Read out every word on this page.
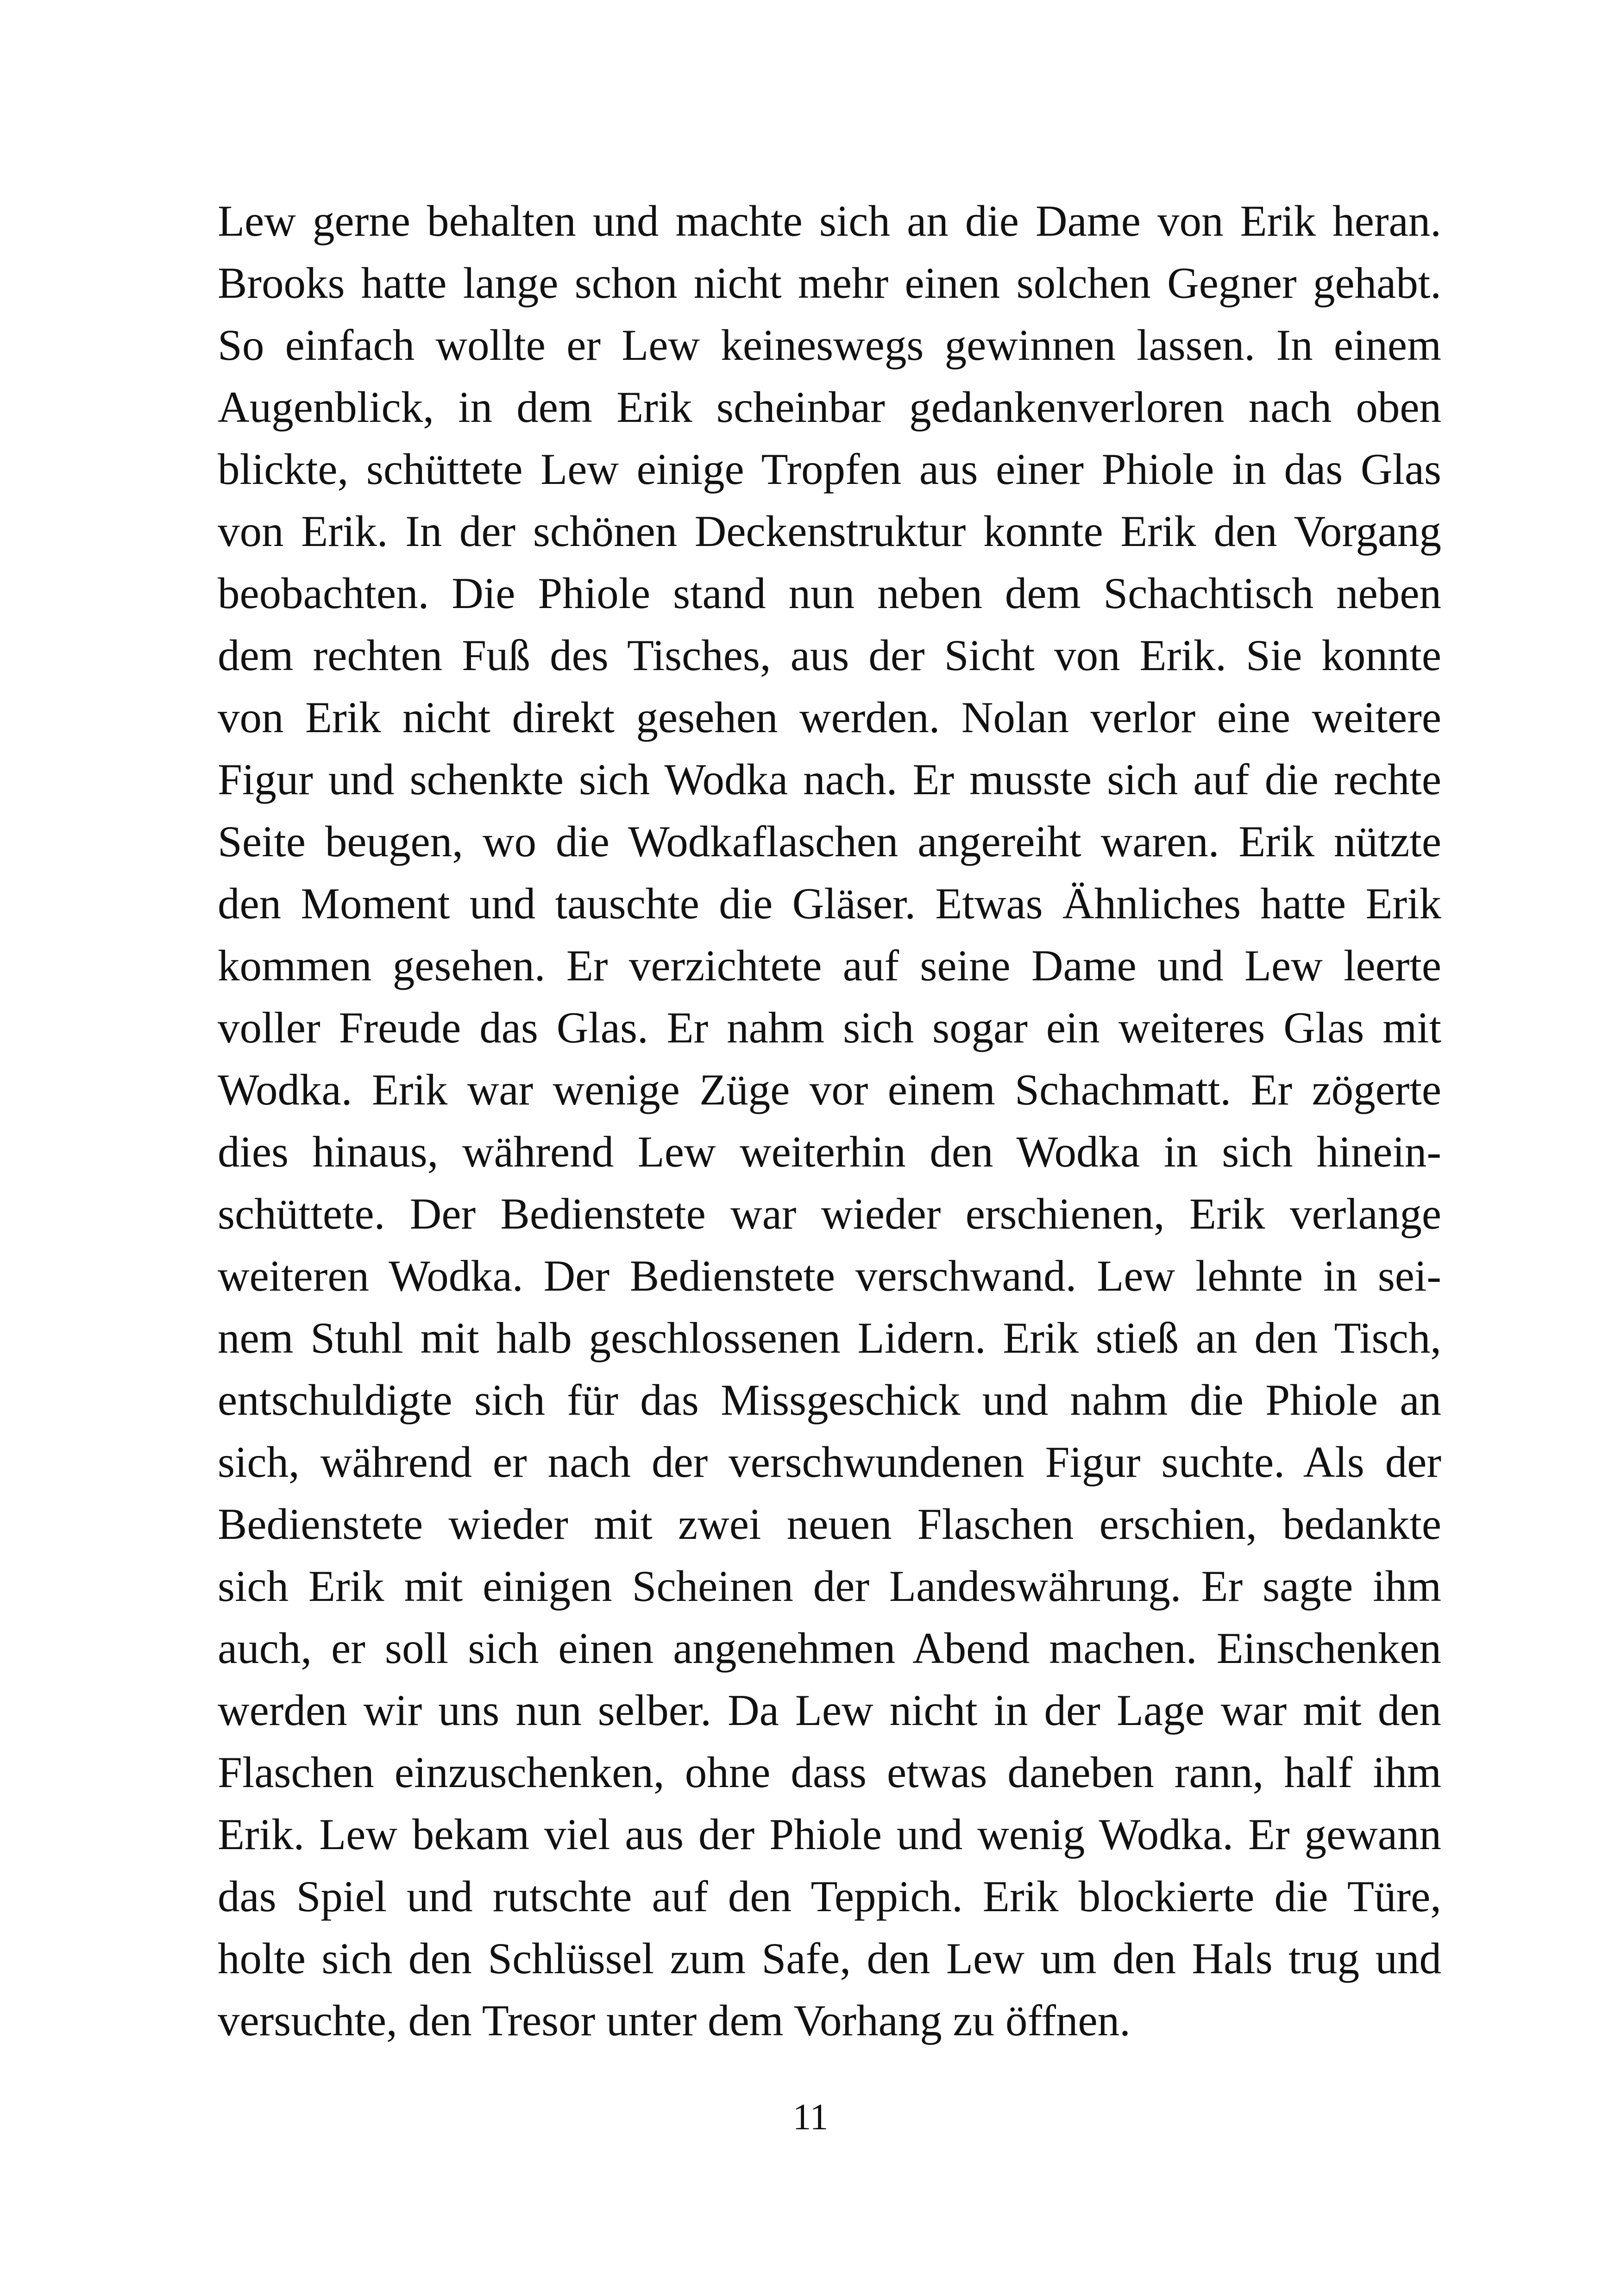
Lew gerne behalten und machte sich an die Dame von Erik heran.
Brooks hatte lange schon nicht mehr einen solchen Gegner gehabt.
So einfach wollte er Lew keineswegs gewinnen lassen. In einem
Augenblick, in dem Erik scheinbar gedankenverloren nach oben
blickte, schüttete Lew einige Tropfen aus einer Phiole in das Glas
von Erik. In der schönen Deckenstruktur konnte Erik den Vorgang
beobachten. Die Phiole stand nun neben dem Schachtisch neben
dem rechten Fuß des Tisches, aus der Sicht von Erik. Sie konnte
von Erik nicht direkt gesehen werden. Nolan verlor eine weitere
Figur und schenkte sich Wodka nach. Er musste sich auf die rechte
Seite beugen, wo die Wodkaflaschen angereiht waren. Erik nützte
den Moment und tauschte die Gläser. Etwas Ähnliches hatte Erik
kommen gesehen. Er verzichtete auf seine Dame und Lew leerte
voller Freude das Glas. Er nahm sich sogar ein weiteres Glas mit
Wodka. Erik war wenige Züge vor einem Schachmatt. Er zögerte
dies hinaus, während Lew weiterhin den Wodka in sich hinein-
schüttete. Der Bedienstete war wieder erschienen, Erik verlange
weiteren Wodka. Der Bedienstete verschwand. Lew lehnte in sei-
nem Stuhl mit halb geschlossenen Lidern. Erik stieß an den Tisch,
entschuldigte sich für das Missgeschick und nahm die Phiole an
sich, während er nach der verschwundenen Figur suchte. Als der
Bedienstete wieder mit zwei neuen Flaschen erschien, bedankte
sich Erik mit einigen Scheinen der Landeswährung. Er sagte ihm
auch, er soll sich einen angenehmen Abend machen. Einschenken
werden wir uns nun selber. Da Lew nicht in der Lage war mit den
Flaschen einzuschenken, ohne dass etwas daneben rann, half ihm
Erik. Lew bekam viel aus der Phiole und wenig Wodka. Er gewann
das Spiel und rutschte auf den Teppich. Erik blockierte die Türe,
holte sich den Schlüssel zum Safe, den Lew um den Hals trug und
versuchte, den Tresor unter dem Vorhang zu öffnen.
11
